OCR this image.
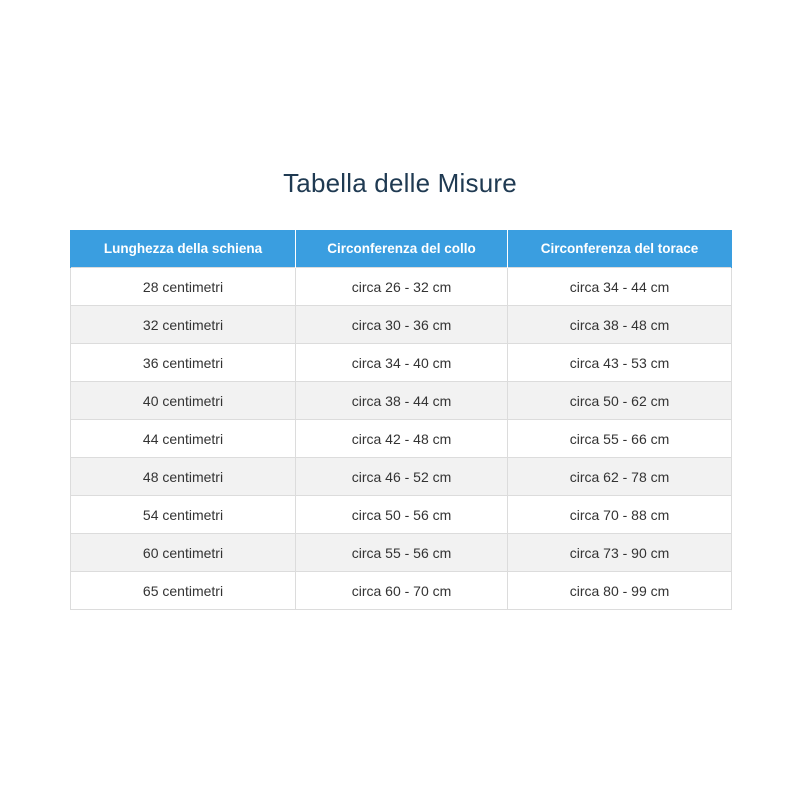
Tabella delle Misure
Lunghezza della schiena	Circonferenza del collo	Circonferenza del torace
28 centimetri	circa 26 - 32 cm	circa 34 - 44 cm
32 centimetri	circa 30 - 36 cm	circa 38 - 48 cm
36 centimetri	circa 34 - 40 cm	circa 43 - 53 cm
40 centimetri	circa 38 - 44 cm	circa 50 - 62 cm
44 centimetri	circa 42 - 48 cm	circa 55 - 66 cm
48 centimetri	circa 46 - 52 cm	circa 62 - 78 cm
54 centimetri	circa 50 - 56 cm	circa 70 - 88 cm
60 centimetri	circa 55 - 56 cm	circa 73 - 90 cm
65 centimetri	circa 60 - 70 cm	circa 80 - 99 cm
